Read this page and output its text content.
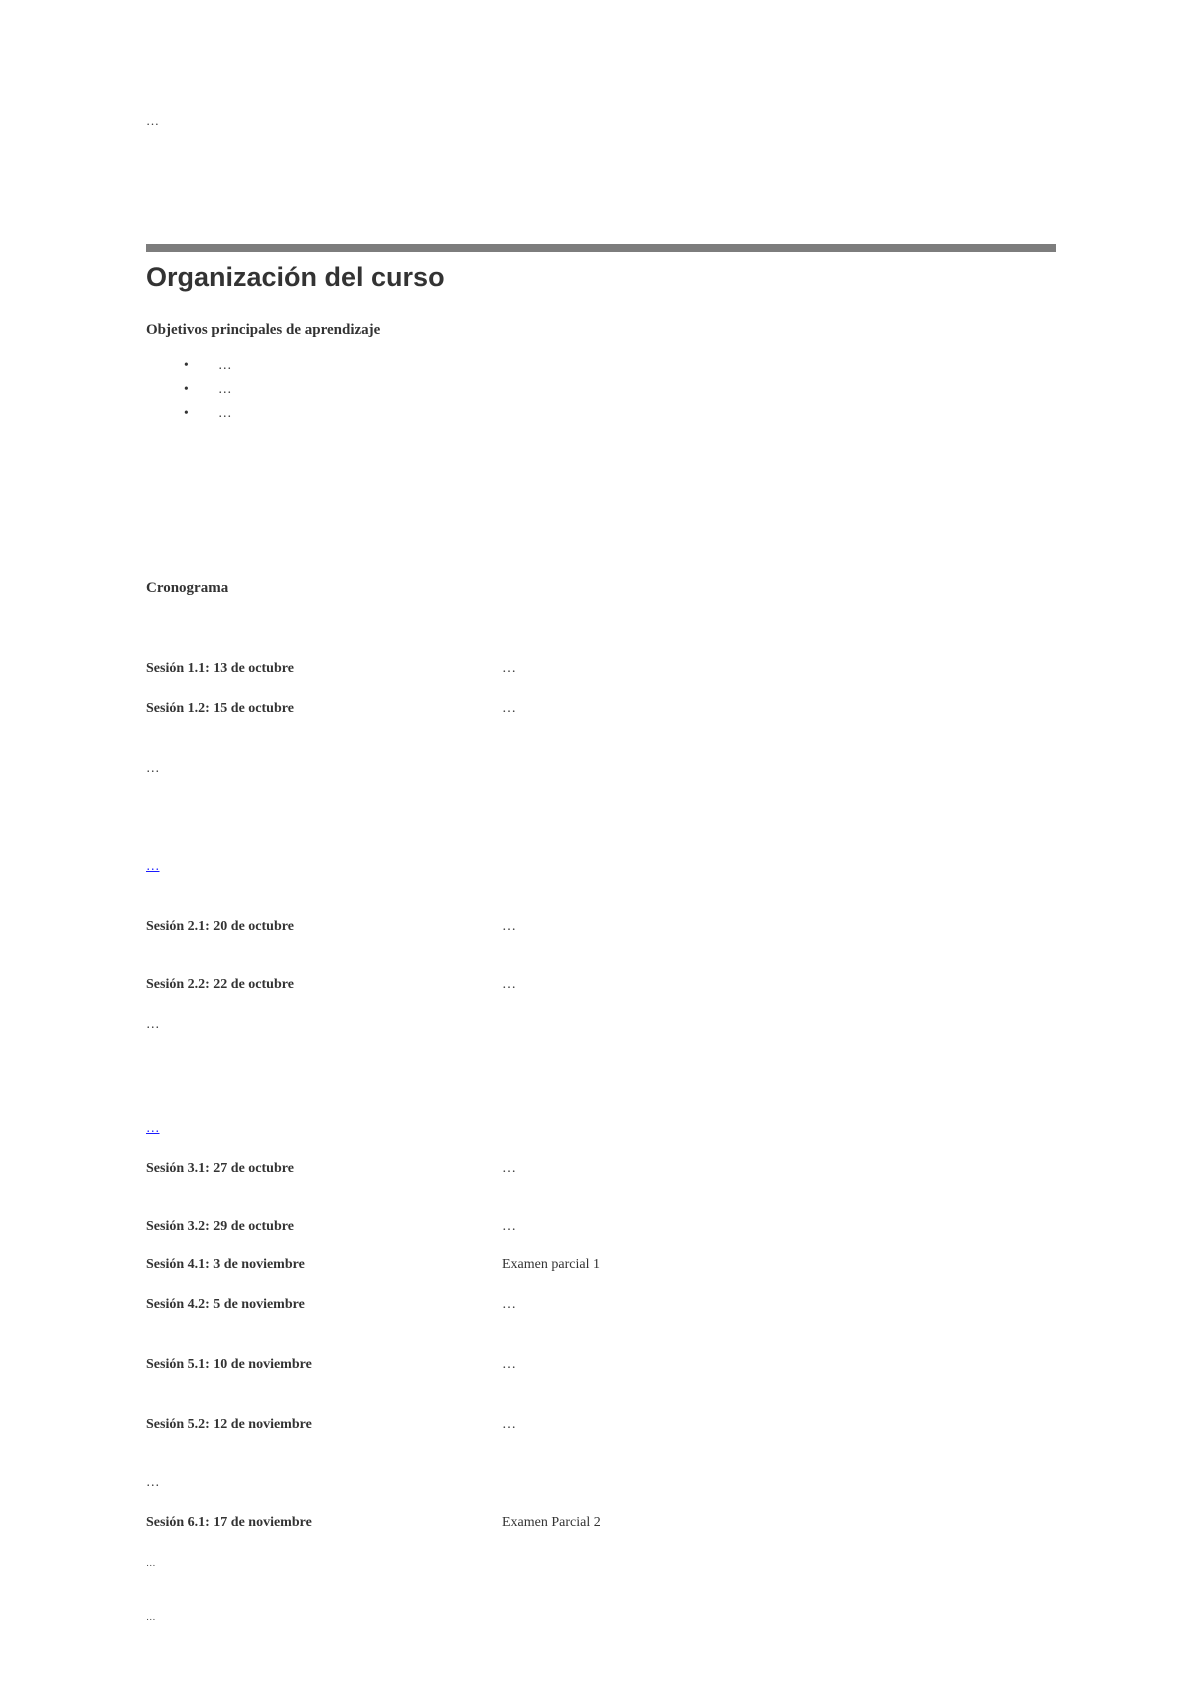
…
Organización del curso
Objetivos principales de aprendizaje
• …
• …
• …
Cronograma
Sesión 1.1: 13 de octubre	…
Sesión 1.2: 15 de octubre	…
…
…
Sesión 2.1: 20 de octubre	…
Sesión 2.2: 22 de octubre	…
…
…
Sesión 3.1: 27 de octubre	…
Sesión 3.2: 29 de octubre	…
Sesión 4.1: 3 de noviembre	Examen parcial 1
Sesión 4.2: 5 de noviembre	…
Sesión 5.1: 10 de noviembre	…
Sesión 5.2: 12 de noviembre	…
…
Sesión 6.1: 17 de noviembre	Examen Parcial 2
…
…
